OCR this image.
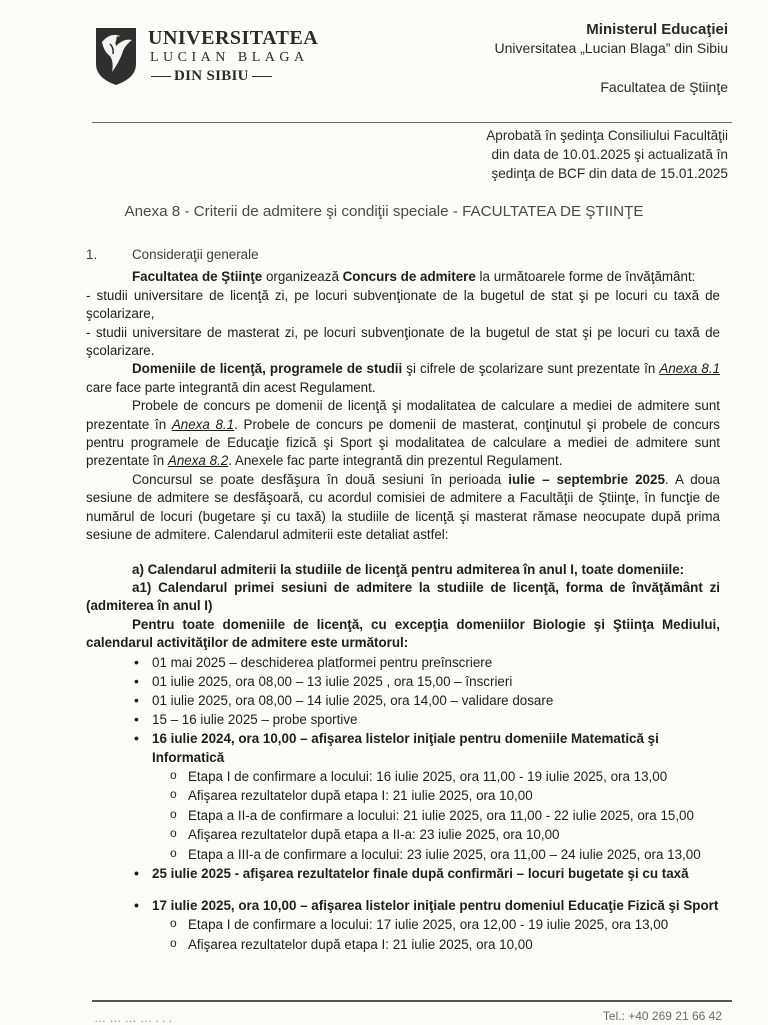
UNIVERSITATEA
LUCIAN BLAGA
DIN SIBIU
Ministerul Educaţiei
Universitatea „Lucian Blaga” din Sibiu
Facultatea de Ştiinţe
Aprobată în şedinţa Consiliului Facultăţii
din data de 10.01.2025 şi actualizată în
şedinţa de BCF din data de 15.01.2025
Anexa 8 - Criterii de admitere şi condiţii speciale - FACULTATEA DE ŞTIINŢE

1.	Consideraţii generale

Facultatea de Ştiinţe organizează Concurs de admitere la următoarele forme de învăţământ:

- studii universitare de licenţă zi, pe locuri subvenţionate de la bugetul de stat şi pe locuri cu taxă de şcolarizare,

- studii universitare de masterat zi, pe locuri subvenţionate de la bugetul de stat şi pe locuri cu taxă de şcolarizare.

Domeniile de licenţă, programele de studii şi cifrele de şcolarizare sunt prezentate în Anexa 8.1 care face parte integrantă din acest Regulament.

Probele de concurs pe domenii de licenţă şi modalitatea de calculare a mediei de admitere sunt prezentate în Anexa 8.1. Probele de concurs pe domenii de masterat, conţinutul şi probele de concurs pentru programele de Educaţie fizică şi Sport şi modalitatea de calculare a mediei de admitere sunt prezentate în Anexa 8.2. Anexele fac parte integrantă din prezentul Regulament.

Concursul se poate desfăşura în două sesiuni în perioada iulie – septembrie 2025. A doua sesiune de admitere se desfăşoară, cu acordul comisiei de admitere a Facultăţii de Ştiinţe, în funcţie de numărul de locuri (bugetare şi cu taxă) la studiile de licenţă şi masterat rămase neocupate după prima sesiune de admitere. Calendarul admiterii este detaliat astfel:

a) Calendarul admiterii la studiile de licenţă pentru admiterea în anul I, toate domeniile:

a1) Calendarul primei sesiuni de admitere la studiile de licenţă, forma de învăţământ zi (admiterea în anul I)

Pentru toate domeniile de licenţă, cu excepţia domeniilor Biologie şi Ştiinţa Mediului, calendarul activităţilor de admitere este următorul:

• 01 mai 2025 – deschiderea platformei pentru preînscriere
• 01 iulie 2025, ora 08,00 – 13 iulie 2025 , ora 15,00 – înscrieri
• 01 iulie 2025, ora 08,00 – 14 iulie 2025, ora 14,00 – validare dosare
• 15 – 16 iulie 2025 – probe sportive
• 16 iulie 2024, ora 10,00 – afişarea listelor iniţiale pentru domeniile Matematică şi Informatică
o Etapa I de confirmare a locului: 16 iulie 2025, ora 11,00 - 19 iulie 2025, ora 13,00
o Afişarea rezultatelor după etapa I: 21 iulie 2025, ora 10,00
o Etapa a II-a de confirmare a locului: 21 iulie 2025, ora 11,00 - 22 iulie 2025, ora 15,00
o Afişarea rezultatelor după etapa a II-a: 23 iulie 2025, ora 10,00
o Etapa a III-a de confirmare a locului: 23 iulie 2025, ora 11,00 – 24 iulie 2025, ora 13,00
• 25 iulie 2025 - afişarea rezultatelor finale după confirmări – locuri bugetate şi cu taxă
• 17 iulie 2025, ora 10,00 – afişarea listelor iniţiale pentru domeniul Educaţie Fizică şi Sport
o Etapa I de confirmare a locului: 17 iulie 2025, ora 12,00 - 19 iulie 2025, ora 13,00
o Afişarea rezultatelor după etapa I: 21 iulie 2025, ora 10,00
… … … … . . .	Tel.: +40 269 21 66 42
